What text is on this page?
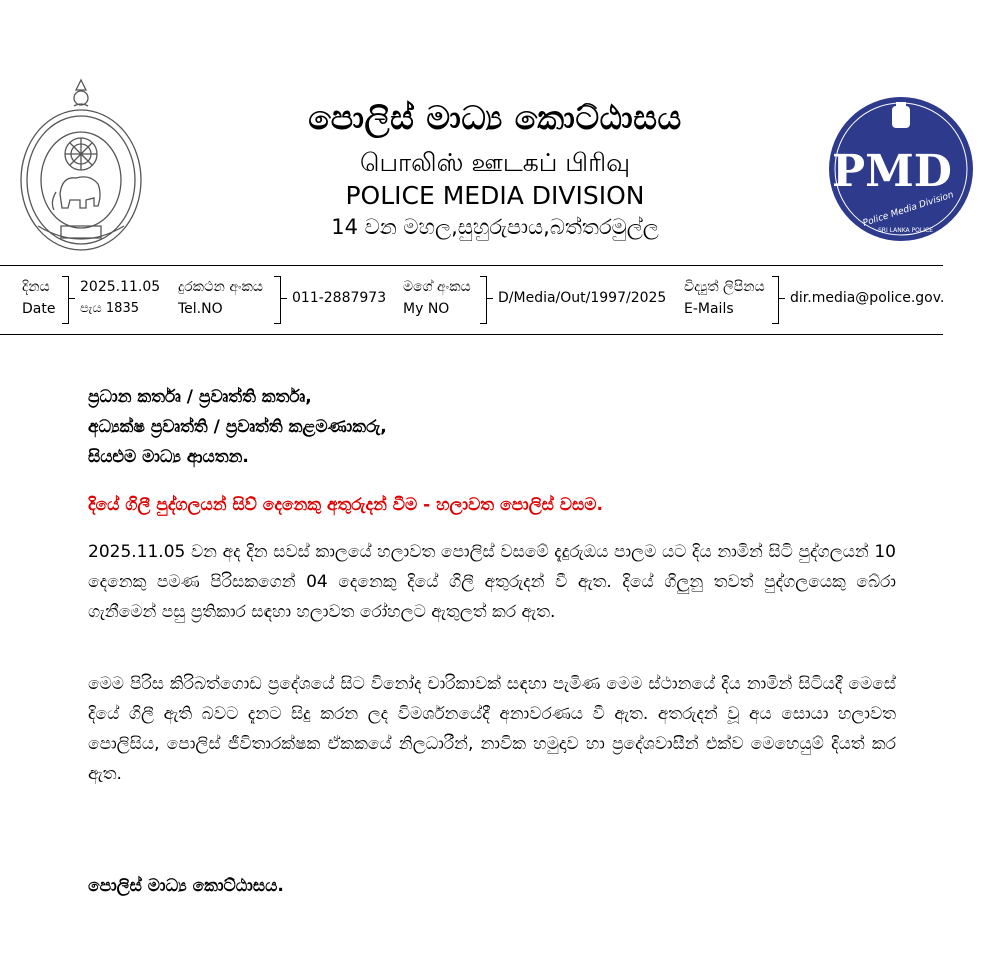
පොලිස් මාධ්‍ය කොට්ඨාසය
பொலிஸ் ஊடகப் பிரிவு
POLICE MEDIA DIVISION
14 වන මහල,සුහුරුපාය,බත්තරමුල්ල
PMD
Police Media Division
SRI LANKA POLICE
දිනය
Date
2025.11.05
පැය 1835
දුරකථන අංකය
Tel.NO
011-2887973
මගේ අංකය
My NO
D/Media/Out/1997/2025
විද්‍යුත් ලිපිනය
E-Mails
dir.media@police.gov.
ප්‍රධාන කර්තෘ / ප්‍රවෘත්ති කර්තෘ,
අධ්‍යක්ෂ ප්‍රවෘත්ති / ප්‍රවෘත්ති කළමණාකරු,
සියළුම මාධ්‍ය ආයතන.
දියේ ගිලී පුද්ගලයන් සිව් දෙනෙකු අතුරුදන් වීම - හලාවත පොලිස් වසම.
2025.11.05 වන අද දින සවස් කාලයේ හලාවත පොලිස් වසමේ දැදුරුඔය පාලම යට දිය නාමින් සිටි පුද්ගලයන් 10 දෙනෙකු පමණ පිරිසකගෙන් 04 දෙනෙකු දියේ ගිලී අතුරුදන් වී ඇත. දියේ ගිලුනු තවත් පුද්ගලයෙකු බේරා ගැනීමෙන් පසු ප්‍රතිකාර සඳහා හලාවත රෝහලට ඇතුලත් කර ඇත.
මෙම පිරිස කිරිබත්ගොඩ ප්‍රදේශයේ සිට විනෝද චාරිකාවක් සඳහා පැමිණ මෙම ස්ථානයේ දිය නාමින් සිටියදී මෙසේ දියේ ගිලී ඇති බවට දැනට සිදු කරන ලද විමර්ශනයේදී අනාවරණය වී ඇත. අතරුදන් වූ අය සොයා හලාවත පොලිසිය, පොලිස් ජීවිතාරක්ෂක ඒකකයේ නිලධාරීන්, නාවික හමුදාව හා ප්‍රදේශවාසීන් එක්ව මෙහෙයුම් දියත් කර ඇත.
පොලිස් මාධ්‍ය කොට්ඨාසය.
